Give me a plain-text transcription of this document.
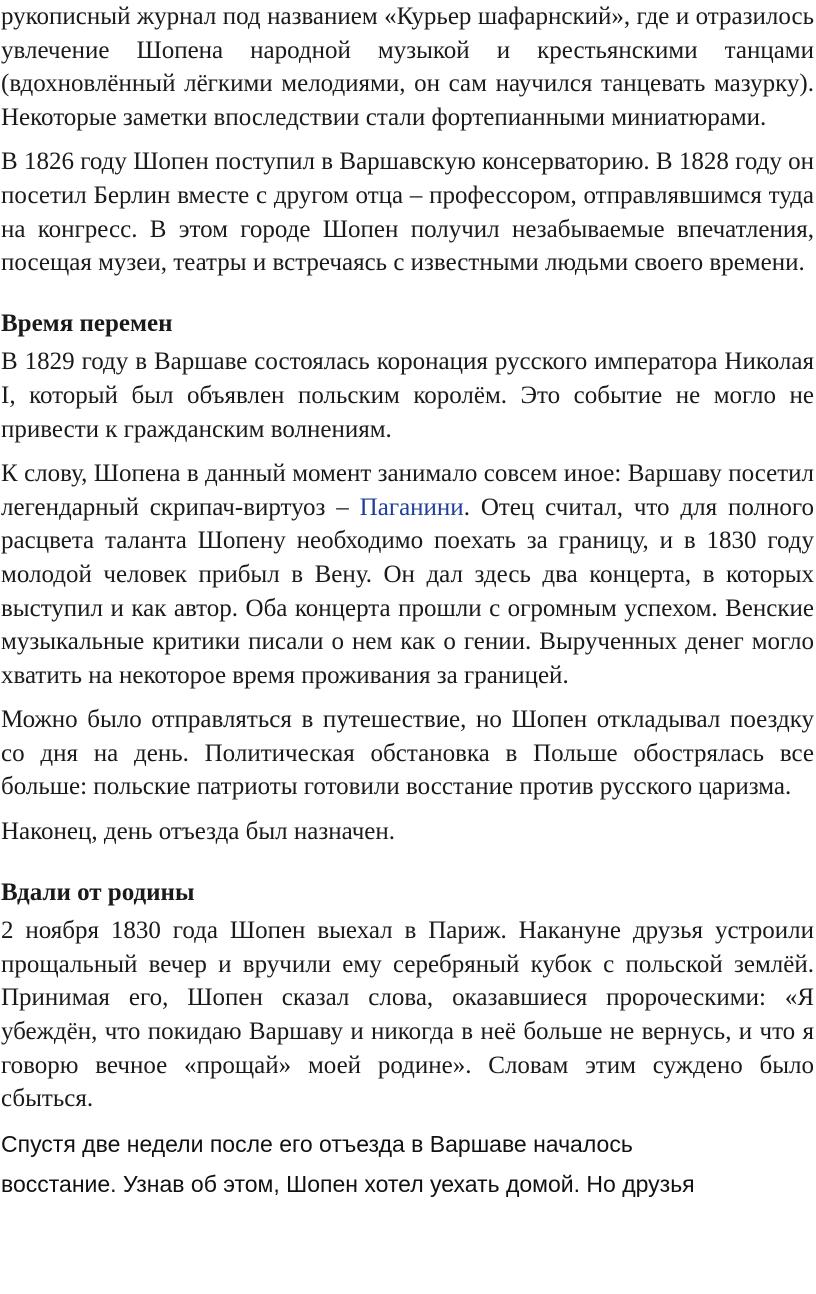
рукописный журнал под названием «Курьер шафарнский», где и отразилось увлечение Шопена народной музыкой и крестьянскими танцами (вдохновлённый лёгкими мелодиями, он сам научился танцевать мазурку). Некоторые заметки впоследствии стали фортепианными миниатюрами.

В 1826 году Шопен поступил в Варшавскую консерваторию. В 1828 году он посетил Берлин вместе с другом отца – профессором, отправлявшимся туда на конгресс. В этом городе Шопен получил незабываемые впечатления, посещая музеи, театры и встречаясь с известными людьми своего времени.

Время перемен

В 1829 году в Варшаве состоялась коронация русского императора Николая I, который был объявлен польским королём. Это событие не могло не привести к гражданским волнениям.

К слову, Шопена в данный момент занимало совсем иное: Варшаву посетил легендарный скрипач-виртуоз – Паганини. Отец считал, что для полного расцвета таланта Шопену необходимо поехать за границу, и в 1830 году молодой человек прибыл в Вену. Он дал здесь два концерта, в которых выступил и как автор. Оба концерта прошли с огромным успехом. Венские музыкальные критики писали о нем как о гении. Вырученных денег могло хватить на некоторое время проживания за границей.

Можно было отправляться в путешествие, но Шопен откладывал поездку со дня на день. Политическая обстановка в Польше обострялась все больше: польские патриоты готовили восстание против русского царизма.

Наконец, день отъезда был назначен.

Вдали от родины

2 ноября 1830 года Шопен выехал в Париж. Накануне друзья устроили прощальный вечер и вручили ему серебряный кубок с польской землёй. Принимая его, Шопен сказал слова, оказавшиеся пророческими: «Я убеждён, что покидаю Варшаву и никогда в неё больше не вернусь, и что я говорю вечное «прощай» моей родине». Словам этим суждено было сбыться.

Спустя две недели после его отъезда в Варшаве началось
восстание. Узнав об этом, Шопен хотел уехать домой. Но друзья
